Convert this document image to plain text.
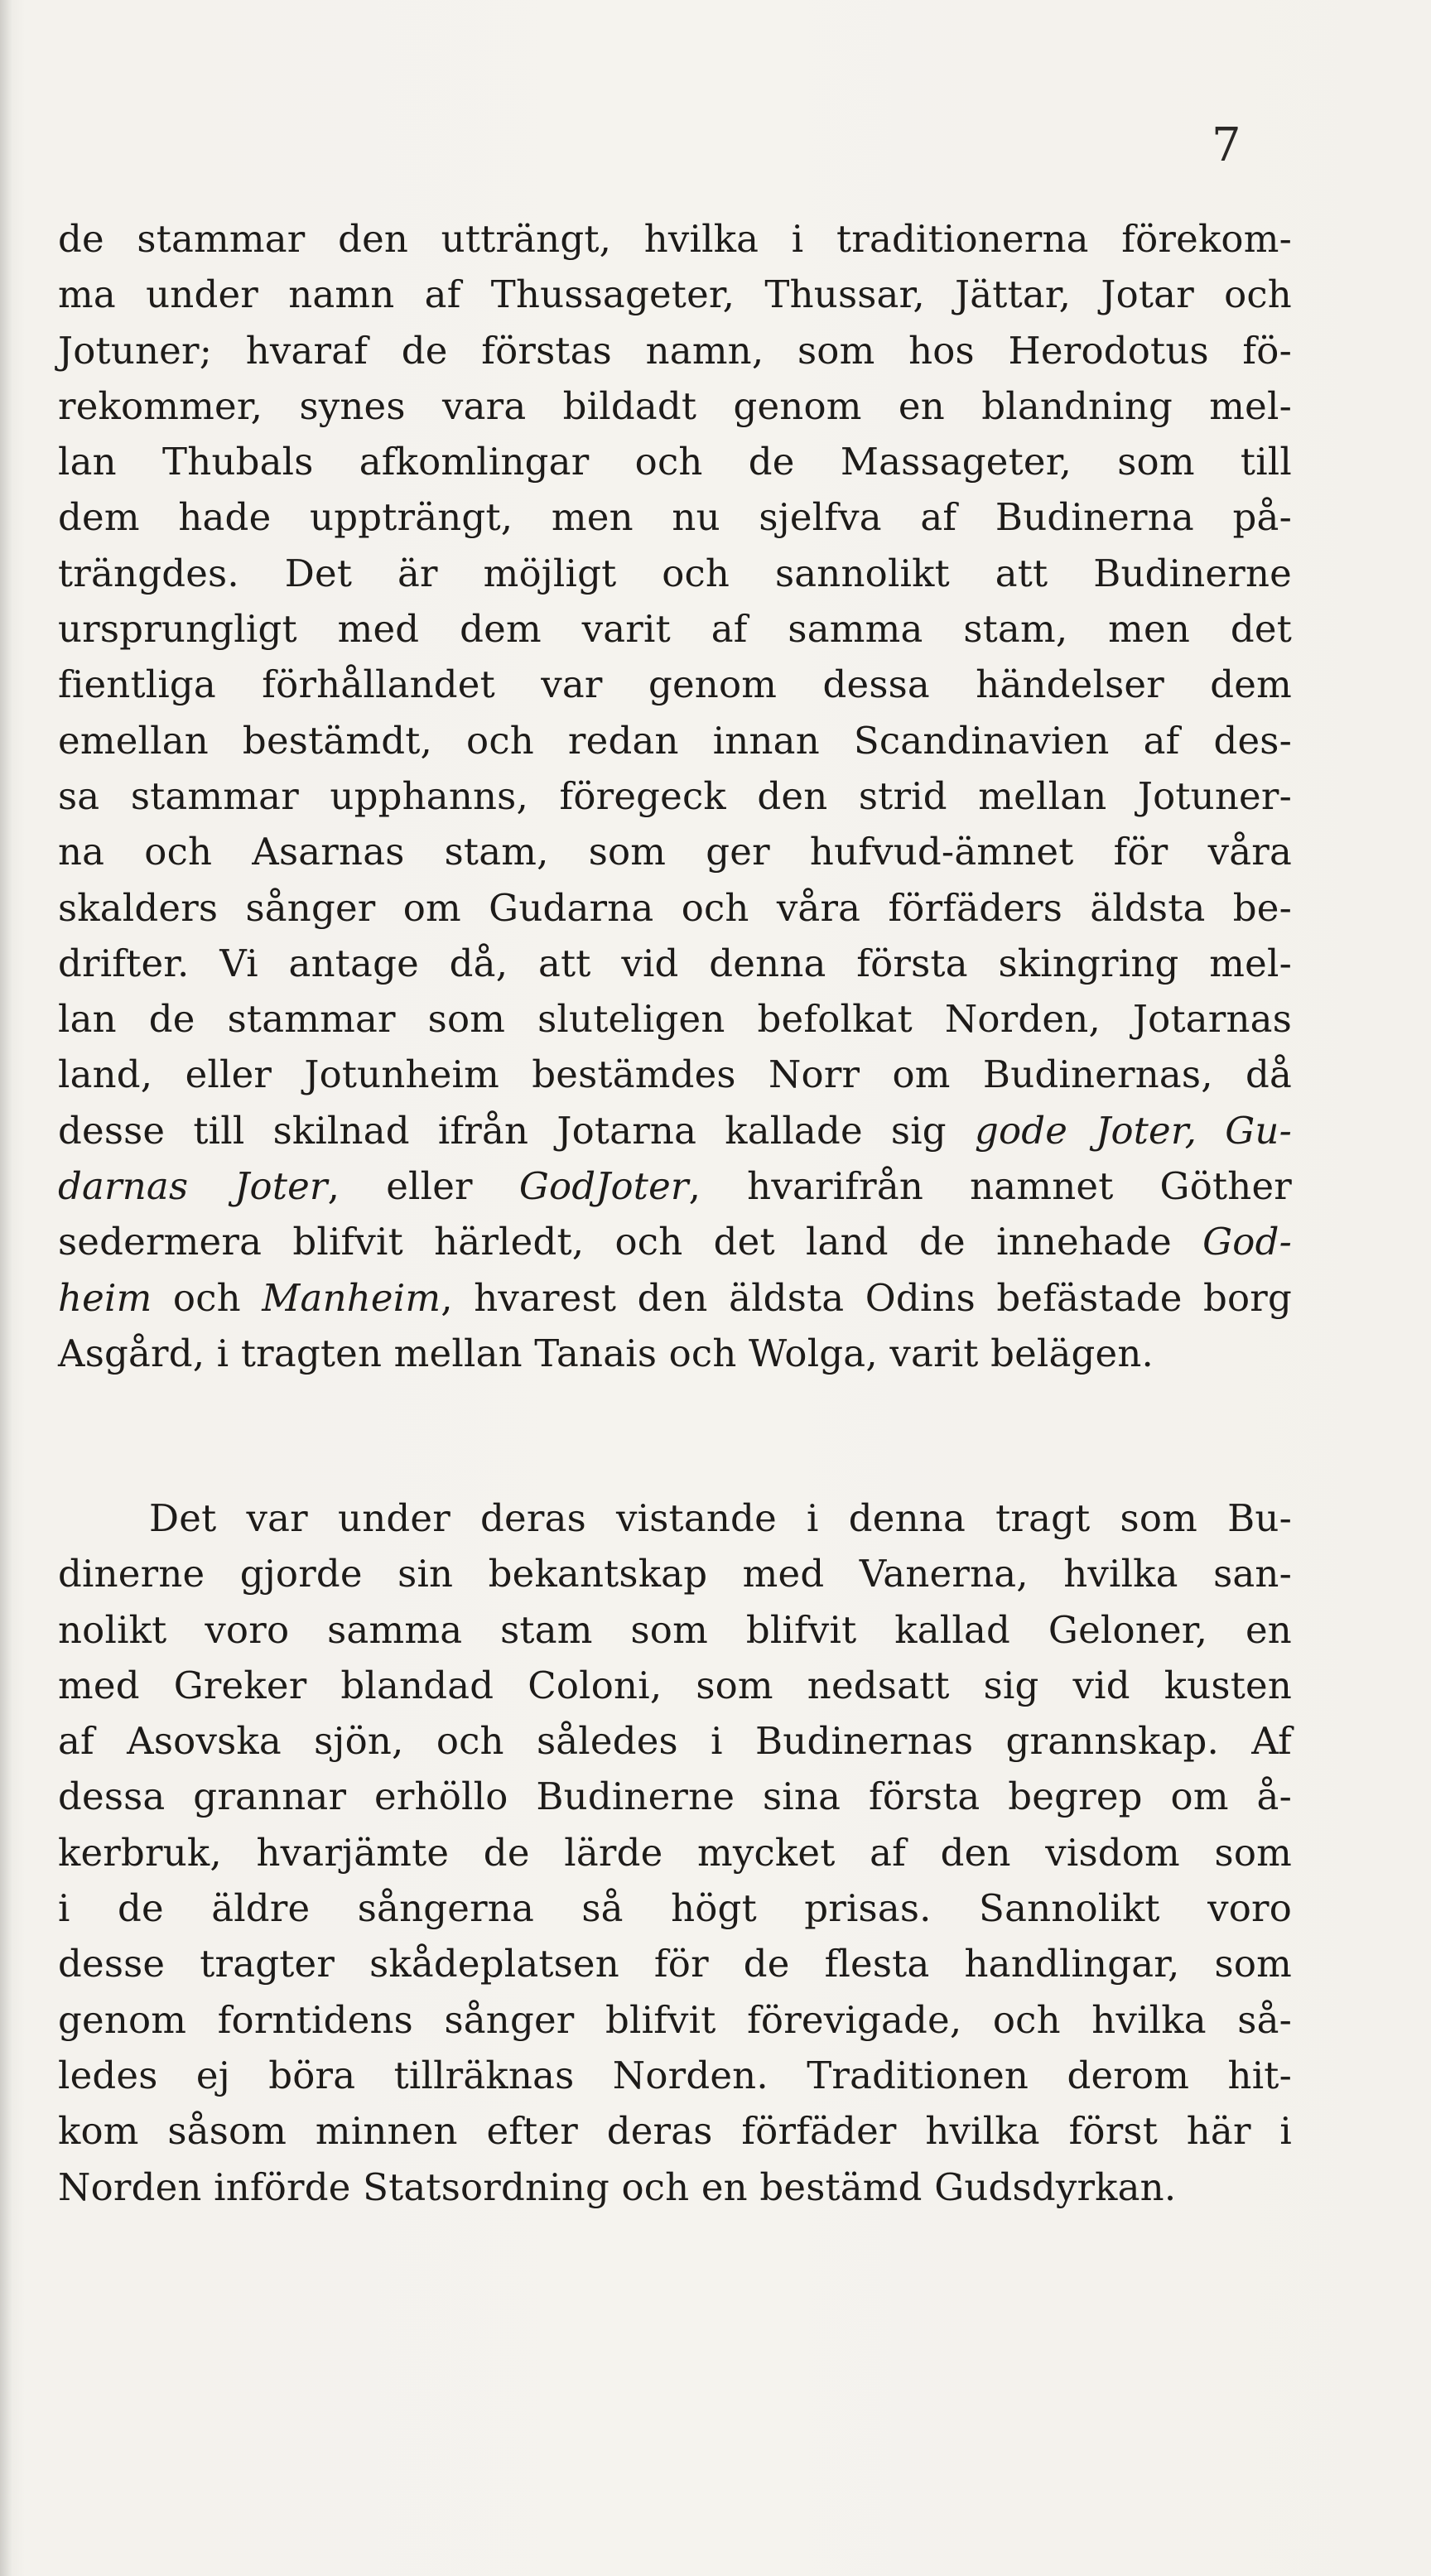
7
de stammar den utträngt, hvilka i traditionerna förekom-
ma under namn af Thussageter, Thussar, Jättar, Jotar och
Jotuner; hvaraf de förstas namn, som hos Herodotus fö-
rekommer, synes vara bildadt genom en blandning mel-
lan Thubals afkomlingar och de Massageter, som till
dem hade uppträngt, men nu sjelfva af Budinerna på-
trängdes. Det är möjligt och sannolikt att Budinerne
ursprungligt med dem varit af samma stam, men det
fientliga förhållandet var genom dessa händelser dem
emellan bestämdt, och redan innan Scandinavien af des-
sa stammar upphanns, föregeck den strid mellan Jotuner-
na och Asarnas stam, som ger hufvud-ämnet för våra
skalders sånger om Gudarna och våra förfäders äldsta be-
drifter. Vi antage då, att vid denna första skingring mel-
lan de stammar som sluteligen befolkat Norden, Jotarnas
land, eller Jotunheim bestämdes Norr om Budinernas, då
desse till skilnad ifrån Jotarna kallade sig gode Joter, Gu-
darnas Joter, eller GodJoter, hvarifrån namnet Göther
sedermera blifvit härledt, och det land de innehade God-
heim och Manheim, hvarest den äldsta Odins befästade borg
Asgård, i tragten mellan Tanais och Wolga, varit belägen.
Det var under deras vistande i denna tragt som Bu-
dinerne gjorde sin bekantskap med Vanerna, hvilka san-
nolikt voro samma stam som blifvit kallad Geloner, en
med Greker blandad Coloni, som nedsatt sig vid kusten
af Asovska sjön, och således i Budinernas grannskap. Af
dessa grannar erhöllo Budinerne sina första begrep om å-
kerbruk, hvarjämte de lärde mycket af den visdom som
i de äldre sångerna så högt prisas. Sannolikt voro
desse tragter skådeplatsen för de flesta handlingar, som
genom forntidens sånger blifvit förevigade, och hvilka så-
ledes ej böra tillräknas Norden. Traditionen derom hit-
kom såsom minnen efter deras förfäder hvilka först här i
Norden införde Statsordning och en bestämd Gudsdyrkan.
